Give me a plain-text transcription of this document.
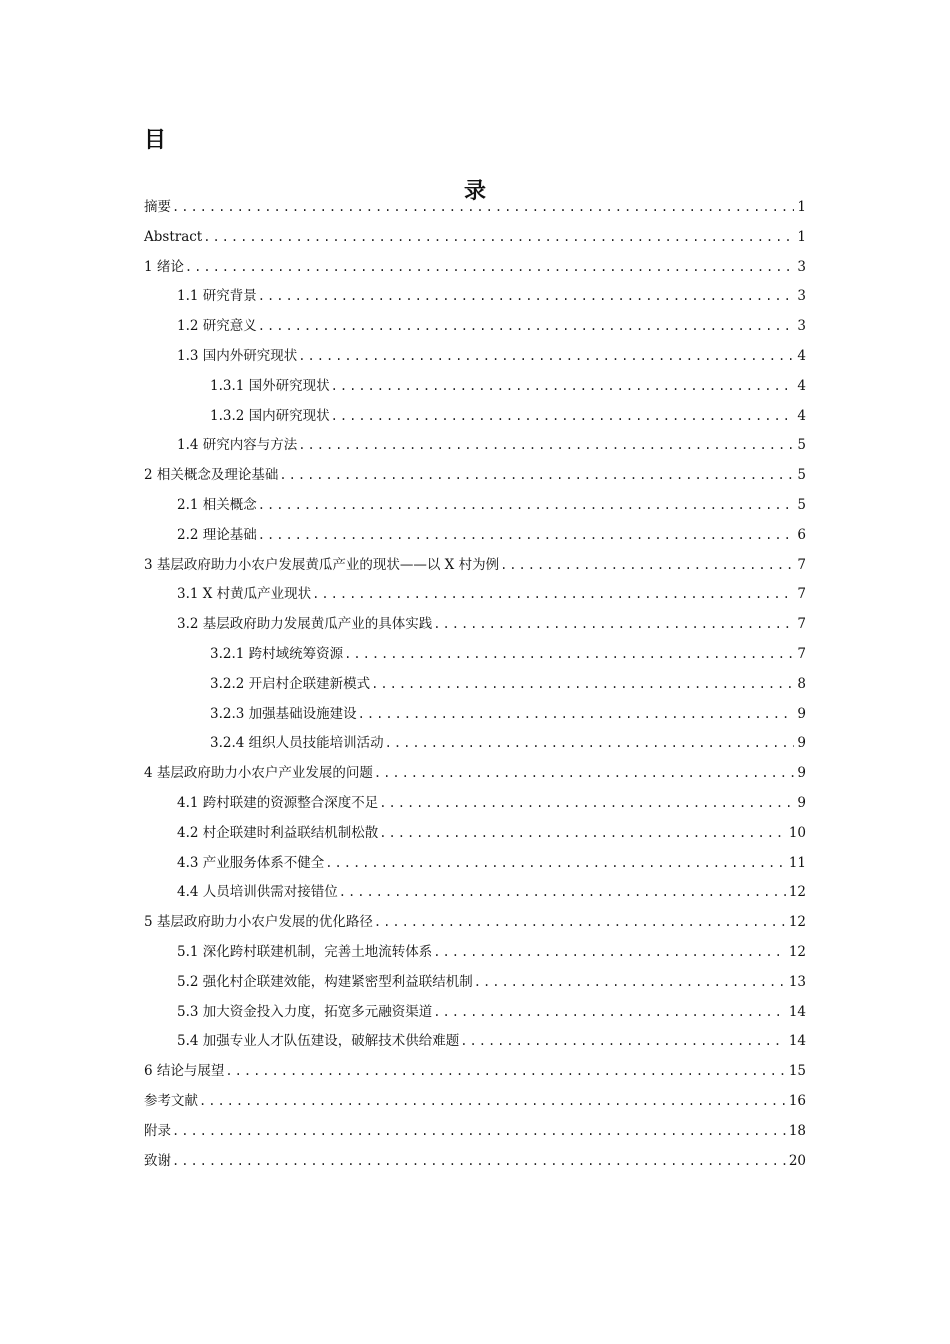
目
录
摘要 .....	1
Abstract .....	1
1 绪论 .....	3
1.1 研究背景 .....	3
1.2 研究意义 .....	3
1.3 国内外研究现状 .....	4
1.3.1 国外研究现状 .....	4
1.3.2 国内研究现状 .....	4
1.4 研究内容与方法 .....	5
2 相关概念及理论基础 .....	5
2.1 相关概念 .....	5
2.2 理论基础 .....	6
3 基层政府助力小农户发展黄瓜产业的现状——以 X 村为例 .....	7
3.1 X 村黄瓜产业现状 .....	7
3.2 基层政府助力发展黄瓜产业的具体实践 .....	7
3.2.1 跨村域统筹资源 .....	7
3.2.2 开启村企联建新模式 .....	8
3.2.3 加强基础设施建设 .....	9
3.2.4 组织人员技能培训活动 .....	9
4 基层政府助力小农户产业发展的问题 .....	9
4.1 跨村联建的资源整合深度不足 .....	9
4.2 村企联建时利益联结机制松散 .....	10
4.3 产业服务体系不健全 .....	11
4.4 人员培训供需对接错位 .....	12
5 基层政府助力小农户发展的优化路径 .....	12
5.1 深化跨村联建机制，完善土地流转体系 .....	12
5.2 强化村企联建效能，构建紧密型利益联结机制 .....	13
5.3 加大资金投入力度，拓宽多元融资渠道 .....	14
5.4 加强专业人才队伍建设，破解技术供给难题 .....	14
6 结论与展望 .....	15
参考文献 .....	16
附录 .....	18
致谢 .....	20
